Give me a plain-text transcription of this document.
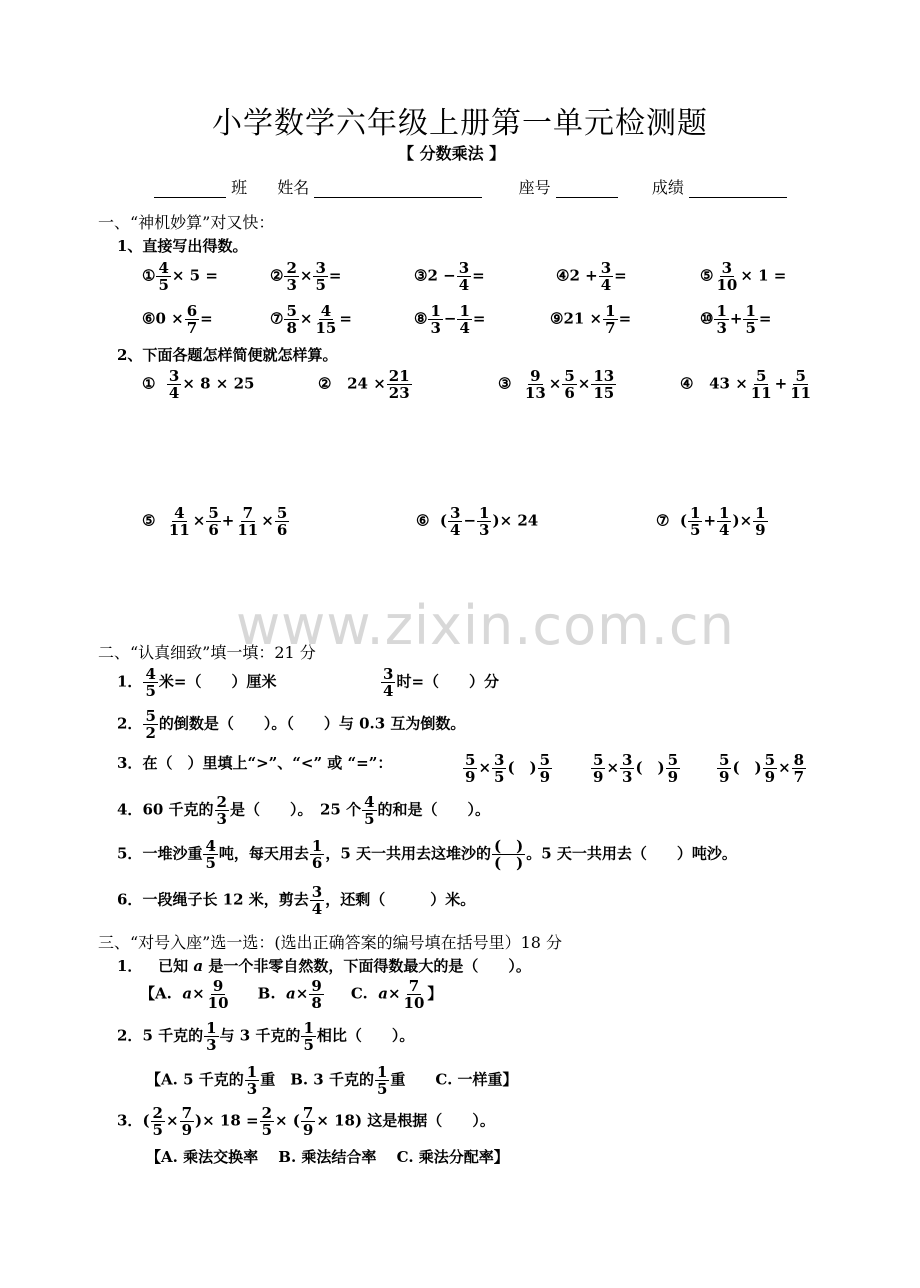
小学数学六年级上册第一单元检测题
【 分数乘法 】
班 姓名	座号	成绩
一、“神机妙算”对又快：
1、直接写出得数。
① $\frac{4}{5} \times 5$ =	② $\frac{2}{3} \times \frac{3}{5}$ =	③2 − $\frac{3}{4}$ =	④2 + $\frac{3}{4}$ =	⑤ $\frac{3}{10} \times 1$ =
⑥0 × $\frac{6}{7}$ =	⑦ $\frac{5}{8} \times \frac{4}{15}$ =	⑧ $\frac{1}{3} - \frac{1}{4}$ =	⑨21 × $\frac{1}{7}$ =	⑩ $\frac{1}{3} + \frac{1}{5}$ =
2、下面各题怎样简便就怎样算。
① $\frac{3}{4} \times 8 \times 25$	② $24 \times \frac{21}{23}$	③ $\frac{9}{13} \times \frac{5}{6} \times \frac{13}{15}$	④ $43 \times \frac{5}{11} + \frac{5}{11}$
⑤ $\frac{4}{11} \times \frac{5}{6} + \frac{7}{11} \times \frac{5}{6}$	⑥ ( $\frac{3}{4} - \frac{1}{3}$ )× 24	⑦ ( $\frac{1}{5} + \frac{1}{4}$ )× $\frac{1}{9}$
www.zixin.com.cn
二、“认真细致”填一填：21 分
1． $\frac{4}{5}$ 米=（　　）厘米	$\frac{3}{4}$ 时=（　　）分
2． $\frac{5}{2}$ 的倒数是（　　）。（　　）与 0.3 互为倒数。
3．在（　）里填上“>”、“<” 或 “=”：	$\frac{5}{9} \times \frac{3}{5}$ (　) $\frac{5}{9}$	$\frac{5}{9} \times \frac{3}{3}$ (　) $\frac{5}{9} \frac{5}{9}$ (　) $\frac{5}{9} \times \frac{8}{7}$
4．60 千克的 $\frac{2}{3}$ 是（　　）。　25 个 $\frac{4}{5}$ 的和是（　　）。
5．一堆沙重 $\frac{4}{5}$ 吨，每天用去 $\frac{1}{6}$ ，5 天一共用去这堆沙的 $\frac{( )}{( )}$ 。5 天一共用去（　　）吨沙。
6．一段绳子长 12 米，剪去 $\frac{3}{4}$ ，还剩（　　　）米。
三、“对号入座”选一选：(选出正确答案的编号填在括号里）18 分
1． 已知 a 是一个非零自然数，下面得数最大的是（　　）。
【A. $a\times \frac{9}{10} B$. $a\times \frac{9}{8} C$. $a\times \frac{7}{10}$ 】
2．5 千克的 $\frac{1}{3}$ 与 3 千克的 $\frac{1}{5}$ 相比（　　）。
【A. 5 千克的 $\frac{1}{3}$ 重　B. 3 千克的 $\frac{1}{5}$ 重　　C. 一样重】
3．( $\frac{2}{5} \times \frac{7}{9}$ )× $18 = \frac{2}{5}$ × ( $\frac{7}{9} \times 18$) 这是根据（　　）。
【A. 乘法交换率　 B. 乘法结合率　 C. 乘法分配率】
